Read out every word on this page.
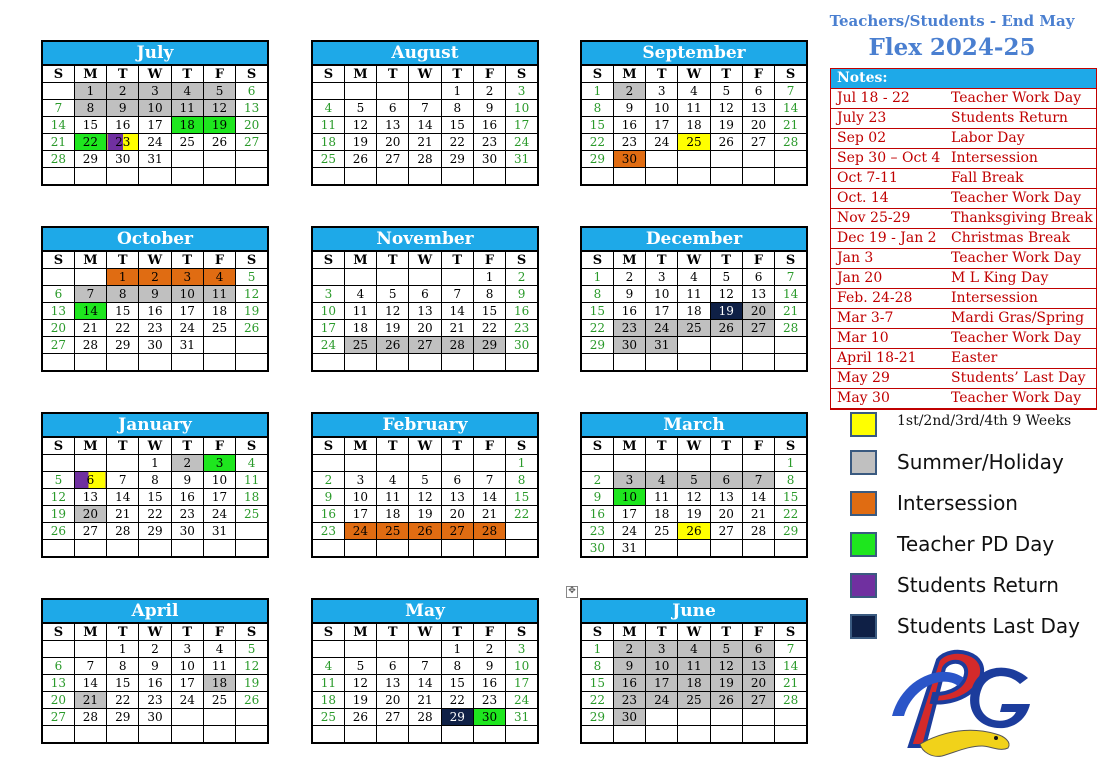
Teachers/Students - End May
Flex 2024-25
July						
S	M	T	W	T	F	S
	1	2	3	4	5	6
7	8	9	10	11	12	13
14	15	16	17	18	19	20
21	22	23	24	25	26	27
28	29	30	31			

August						
S	M	T	W	T	F	S
				1	2	3
4	5	6	7	8	9	10
11	12	13	14	15	16	17
18	19	20	21	22	23	24
25	26	27	28	29	30	31

September						
S	M	T	W	T	F	S
1	2	3	4	5	6	7
8	9	10	11	12	13	14
15	16	17	18	19	20	21
22	23	24	25	26	27	28
29	30					

October						
S	M	T	W	T	F	S
		1	2	3	4	5
6	7	8	9	10	11	12
13	14	15	16	17	18	19
20	21	22	23	24	25	26
27	28	29	30	31		

November						
S	M	T	W	T	F	S
					1	2
3	4	5	6	7	8	9
10	11	12	13	14	15	16
17	18	19	20	21	22	23
24	25	26	27	28	29	30

December						
S	M	T	W	T	F	S
1	2	3	4	5	6	7
8	9	10	11	12	13	14
15	16	17	18	19	20	21
22	23	24	25	26	27	28
29	30	31				

January						
S	M	T	W	T	F	S
			1	2	3	4
5	6	7	8	9	10	11
12	13	14	15	16	17	18
19	20	21	22	23	24	25
26	27	28	29	30	31	

February						
S	M	T	W	T	F	S
						1
2	3	4	5	6	7	8
9	10	11	12	13	14	15
16	17	18	19	20	21	22
23	24	25	26	27	28	

March						
S	M	T	W	T	F	S
						1
2	3	4	5	6	7	8
9	10	11	12	13	14	15
16	17	18	19	20	21	22
23	24	25	26	27	28	29
30	31					
April						
S	M	T	W	T	F	S
		1	2	3	4	5
6	7	8	9	10	11	12
13	14	15	16	17	18	19
20	21	22	23	24	25	26
27	28	29	30			

May						
S	M	T	W	T	F	S
				1	2	3
4	5	6	7	8	9	10
11	12	13	14	15	16	17
18	19	20	21	22	23	24
25	26	27	28	29	30	31

June						
S	M	T	W	T	F	S
1	2	3	4	5	6	7
8	9	10	11	12	13	14
15	16	17	18	19	20	21
22	23	24	25	26	27	28
29	30					

Notes:	
Jul 18 - 22	Teacher Work Day
July 23	Students Return
Sep 02	Labor Day
Sep 30 – Oct 4	Intersession
Oct 7-11	Fall Break
Oct. 14	Teacher Work Day
Nov 25-29	Thanksgiving Break
Dec 19 - Jan 2	Christmas Break
Jan 3	Teacher Work Day
Jan 20	M L King Day
Feb. 24-28	Intersession
Mar 3-7	Mardi Gras/Spring
Mar 10	Teacher Work Day
April 18-21	Easter
May 29	Students’ Last Day
May 30	Teacher Work Day
1st/2nd/3rd/4th 9 Weeks
Summer/Holiday
Intersession
Teacher PD Day
Students Return
Students Last Day
✥
